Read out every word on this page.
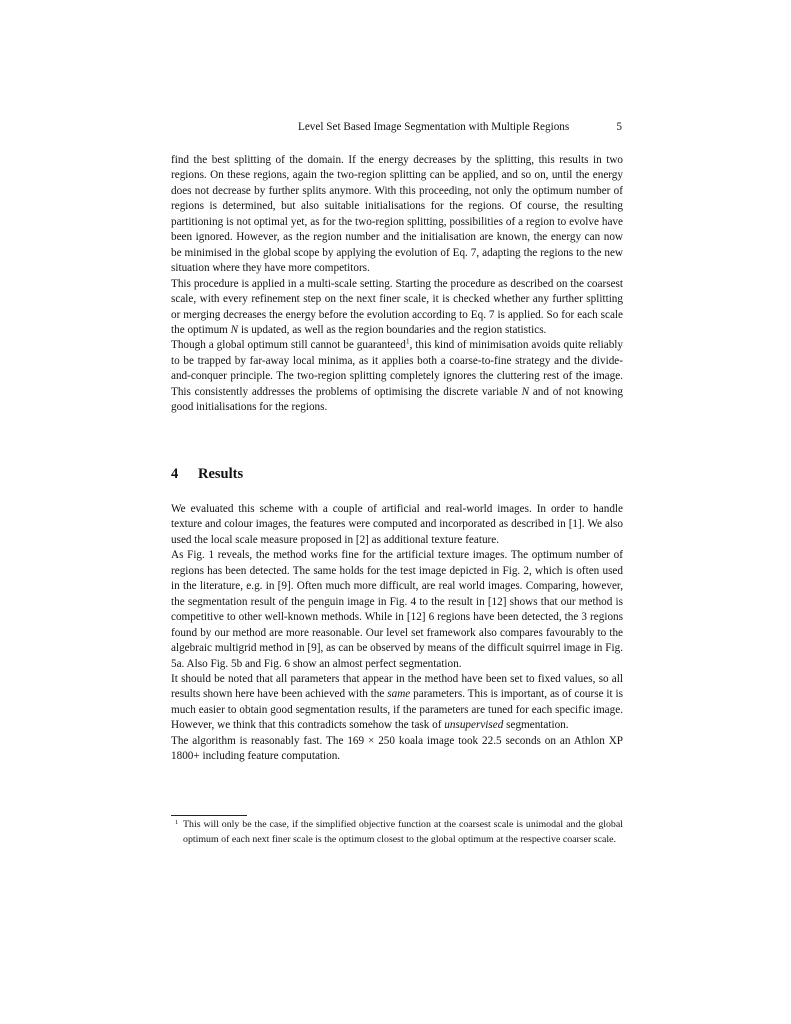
Level Set Based Image Segmentation with Multiple Regions	5

find the best splitting of the domain. If the energy decreases by the splitting, this results in two regions. On these regions, again the two-region splitting can be applied, and so on, until the energy does not decrease by further splits anymore. With this proceeding, not only the optimum number of regions is determined, but also suitable initialisations for the regions. Of course, the resulting partitioning is not optimal yet, as for the two-region splitting, possibilities of a region to evolve have been ignored. However, as the region number and the initialisation are known, the energy can now be minimised in the global scope by applying the evolution of Eq. 7, adapting the regions to the new situation where they have more competitors.

This procedure is applied in a multi-scale setting. Starting the procedure as described on the coarsest scale, with every refinement step on the next finer scale, it is checked whether any further splitting or merging decreases the energy before the evolution according to Eq. 7 is applied. So for each scale the optimum N is updated, as well as the region boundaries and the region statistics.

Though a global optimum still cannot be guaranteed$^1$, this kind of minimisation avoids quite reliably to be trapped by far-away local minima, as it applies both a coarse-to-fine strategy and the divide-and-conquer principle. The two-region splitting completely ignores the cluttering rest of the image. This consistently addresses the problems of optimising the discrete variable N and of not knowing good initialisations for the regions.

4 Results

We evaluated this scheme with a couple of artificial and real-world images. In order to handle texture and colour images, the features were computed and incorporated as described in [1]. We also used the local scale measure proposed in [2] as additional texture feature.

As Fig. 1 reveals, the method works fine for the artificial texture images. The optimum number of regions has been detected. The same holds for the test image depicted in Fig. 2, which is often used in the literature, e.g. in [9]. Often much more difficult, are real world images. Comparing, however, the segmentation result of the penguin image in Fig. 4 to the result in [12] shows that our method is competitive to other well-known methods. While in [12] 6 regions have been detected, the 3 regions found by our method are more reasonable. Our level set framework also compares favourably to the algebraic multigrid method in [9], as can be observed by means of the difficult squirrel image in Fig. 5a. Also Fig. 5b and Fig. 6 show an almost perfect segmentation.

It should be noted that all parameters that appear in the method have been set to fixed values, so all results shown here have been achieved with the same parameters. This is important, as of course it is much easier to obtain good segmentation results, if the parameters are tuned for each specific image. However, we think that this contradicts somehow the task of unsupervised segmentation.

The algorithm is reasonably fast. The 169 × 250 koala image took 22.5 seconds on an Athlon XP 1800+ including feature computation.

1 This will only be the case, if the simplified objective function at the coarsest scale is unimodal and the global optimum of each next finer scale is the optimum closest to the global optimum at the respective coarser scale.
